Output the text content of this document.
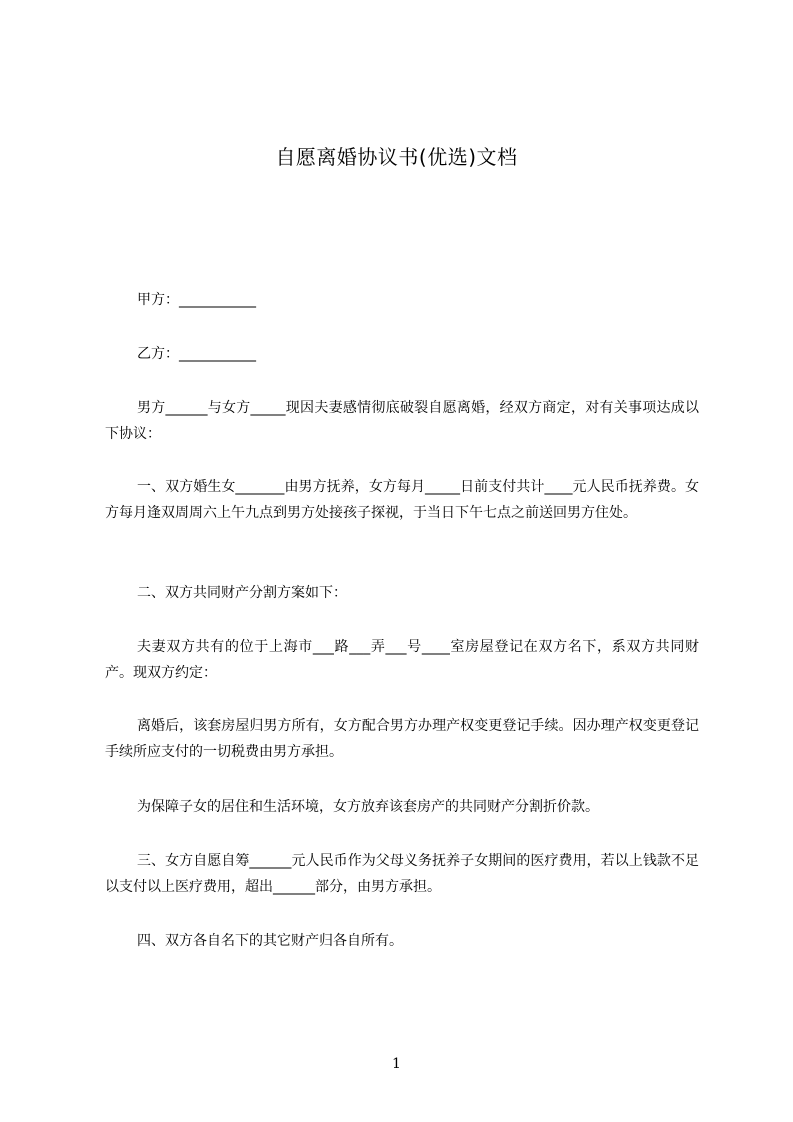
自愿离婚协议书(优选)文档

甲方：___________

乙方：___________

男方______与女方_____现因夫妻感情彻底破裂自愿离婚，经双方商定，对有关事项达成以下协议：

一、双方婚生女_______由男方抚养，女方每月_____日前支付共计____元人民币抚养费。女方每月逢双周周六上午九点到男方处接孩子探视，于当日下午七点之前送回男方住处。

二、双方共同财产分割方案如下：

夫妻双方共有的位于上海市___路___弄___号____室房屋登记在双方名下，系双方共同财产。现双方约定：

离婚后，该套房屋归男方所有，女方配合男方办理产权变更登记手续。因办理产权变更登记手续所应支付的一切税费由男方承担。

为保障子女的居住和生活环境，女方放弃该套房产的共同财产分割折价款。

三、女方自愿自筹______元人民币作为父母义务抚养子女期间的医疗费用，若以上钱款不足以支付以上医疗费用，超出______部分，由男方承担。

四、双方各自名下的其它财产归各自所有。

1
